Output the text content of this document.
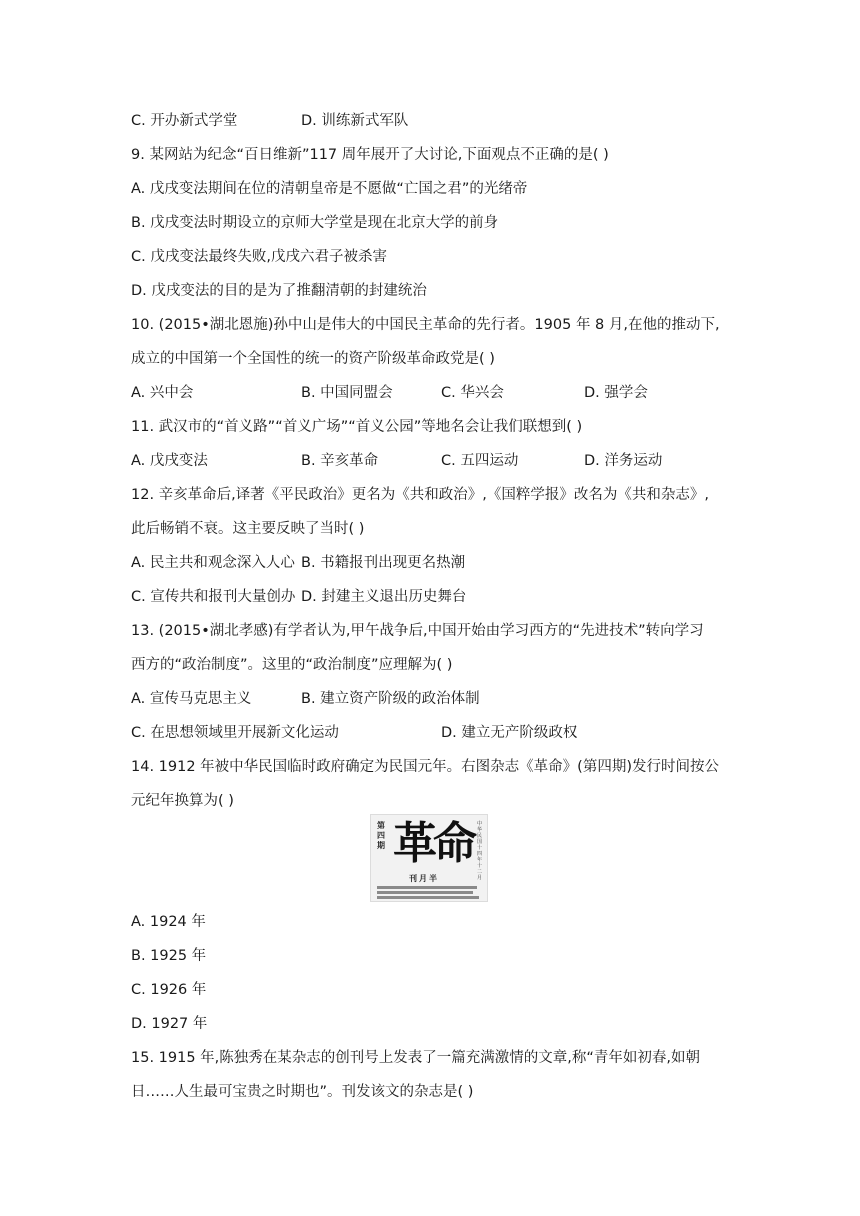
C. 开办新式学堂	D. 训练新式军队
9. 某网站为纪念“百日维新”117 周年展开了大讨论,下面观点不正确的是( )
A. 戊戌变法期间在位的清朝皇帝是不愿做“亡国之君”的光绪帝
B. 戊戌变法时期设立的京师大学堂是现在北京大学的前身
C. 戊戌变法最终失败,戊戌六君子被杀害
D. 戊戌变法的目的是为了推翻清朝的封建统治
10. (2015•湖北恩施)孙中山是伟大的中国民主革命的先行者。1905 年 8 月,在他的推动下,
成立的中国第一个全国性的统一的资产阶级革命政党是( )
A. 兴中会	B. 中国同盟会	C. 华兴会	D. 强学会
11. 武汉市的“首义路”“首义广场”“首义公园”等地名会让我们联想到( )
A. 戊戌变法	B. 辛亥革命	C. 五四运动	D. 洋务运动
12. 辛亥革命后,译著《平民政治》更名为《共和政治》,《国粹学报》改名为《共和杂志》,
此后畅销不衰。这主要反映了当时( )
A. 民主共和观念深入人心 B. 书籍报刊出现更名热潮
C. 宣传共和报刊大量创办 D. 封建主义退出历史舞台
13. (2015•湖北孝感)有学者认为,甲午战争后,中国开始由学习西方的“先进技术”转向学习
西方的“政治制度”。这里的“政治制度”应理解为( )
A. 宣传马克思主义	B. 建立资产阶级的政治体制
C. 在思想领域里开展新文化运动	D. 建立无产阶级政权
14. 1912 年被中华民国临时政府确定为民国元年。右图杂志《革命》(第四期)发行时间按公
元纪年换算为( )
第四期 革命 中华民国十四年十二月
刊月半
A. 1924 年
B. 1925 年
C. 1926 年
D. 1927 年
15. 1915 年,陈独秀在某杂志的创刊号上发表了一篇充满激情的文章,称“青年如初春,如朝
日……人生最可宝贵之时期也”。刊发该文的杂志是( )
